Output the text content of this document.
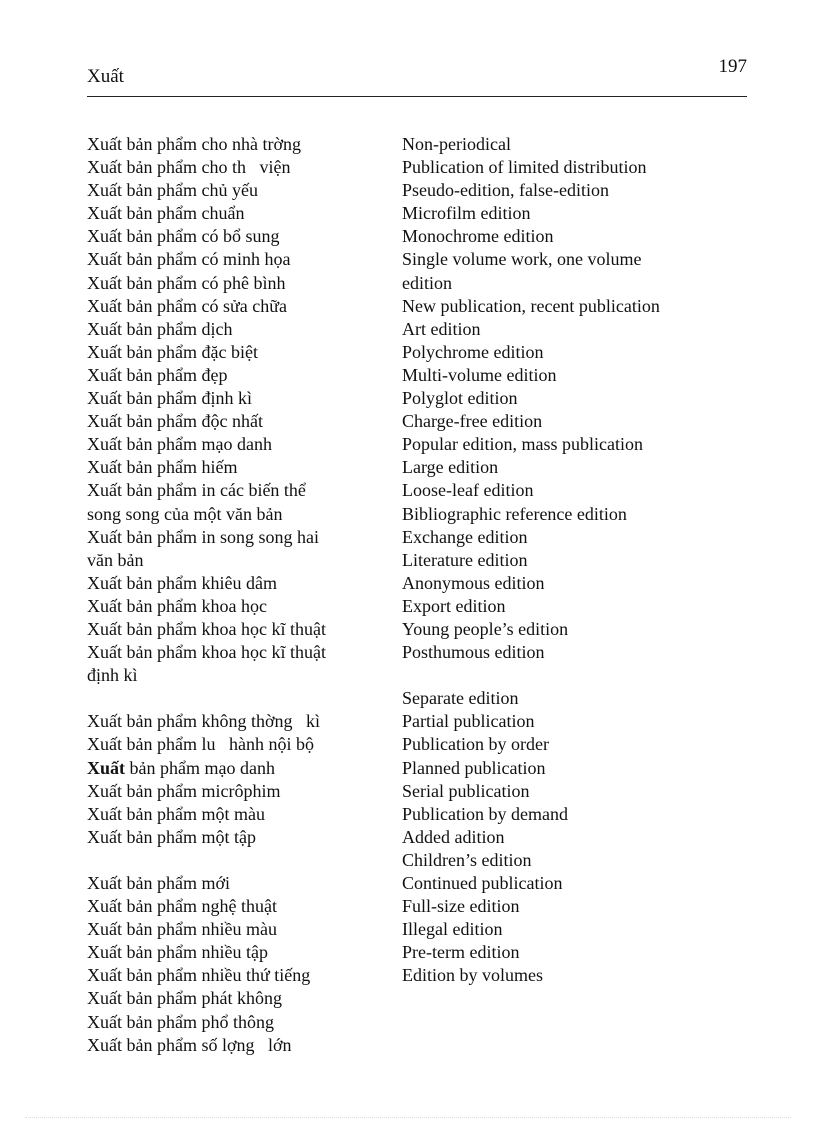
Xuất	197
Xuất bản phẩm cho nhà trờng
Xuất bản phẩm cho th   viện
Xuất bản phẩm chủ yếu
Xuất bản phẩm chuẩn
Xuất bản phẩm có bổ sung
Xuất bản phẩm có minh họa
Xuất bản phẩm có phê bình
Xuất bản phẩm có sửa chữa
Xuất bản phẩm dịch
Xuất bản phẩm đặc biệt
Xuất bản phẩm đẹp
Xuất bản phẩm định kì
Xuất bản phẩm độc nhất
Xuất bản phẩm mạo danh
Xuất bản phẩm hiếm
Xuất bản phẩm in các biến thể
song song của một văn bản
Xuất bản phẩm in song song hai
văn bản
Xuất bản phẩm khiêu dâm
Xuất bản phẩm khoa học
Xuất bản phẩm khoa học kĩ thuật
Xuất bản phẩm khoa học kĩ thuật
định kì
Xuất bản phẩm không thờng   kì
Xuất bản phẩm lu   hành nội bộ
Xuất bản phẩm mạo danh
Xuất bản phẩm micrôphim
Xuất bản phẩm một màu
Xuất bản phẩm một tập
Xuất bản phẩm mới
Xuất bản phẩm nghệ thuật
Xuất bản phẩm nhiều màu
Xuất bản phẩm nhiều tập
Xuất bản phẩm nhiều thứ tiếng
Xuất bản phẩm phát không
Xuất bản phẩm phổ thông
Xuất bản phẩm số lợng   lớn
Non-periodical
Publication of limited distribution
Pseudo-edition, false-edition
Microfilm edition
Monochrome edition
Single volume work, one volume
edition
New publication, recent publication
Art edition
Polychrome edition
Multi-volume edition
Polyglot edition
Charge-free edition
Popular edition, mass publication
Large edition
Loose-leaf edition
Bibliographic reference edition
Exchange edition
Literature edition
Anonymous edition
Export edition
Young people’s edition
Posthumous edition
Separate edition
Partial publication
Publication by order
Planned publication
Serial publication
Publication by demand
Added adition
Children’s edition
Continued publication
Full-size edition
Illegal edition
Pre-term edition
Edition by volumes
